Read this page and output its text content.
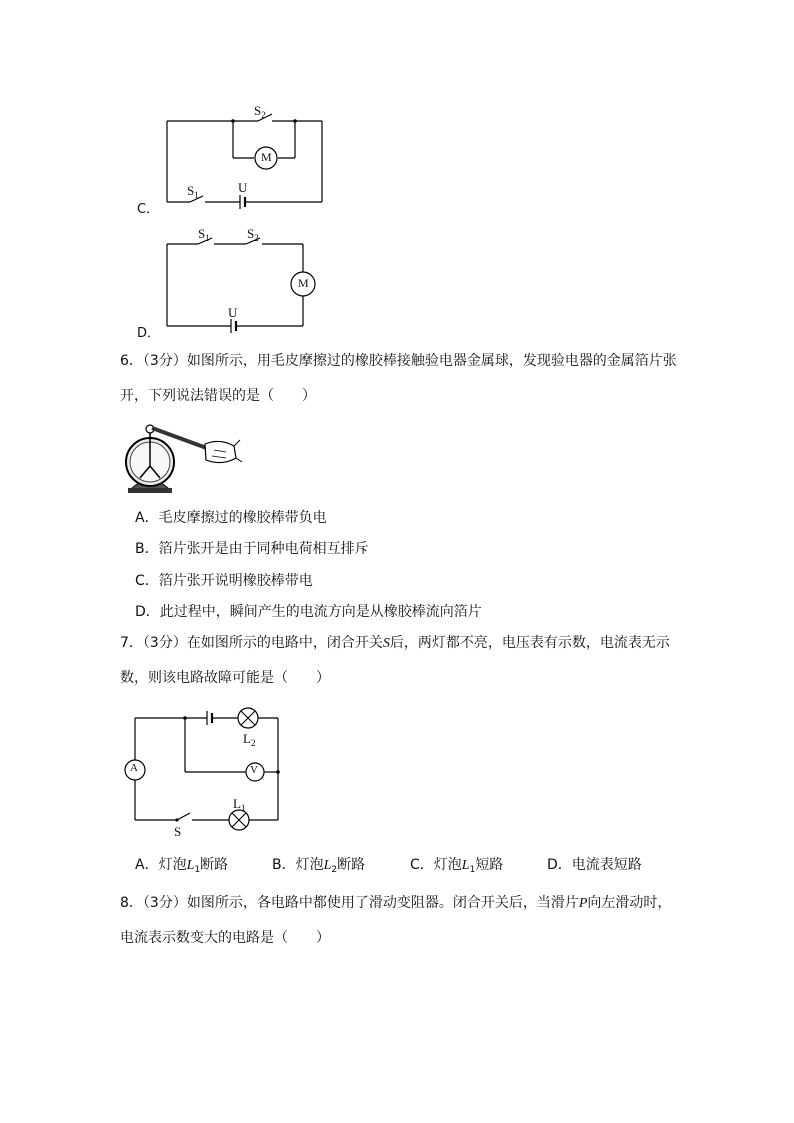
$S_2$
M
$S_1$	U
C．
$S_1$	$S_2$
M
U
D．
6．（3分）如图所示，用毛皮摩擦过的橡胶棒接触验电器金属球，发现验电器的金属箔片张
开，下列说法错误的是（　　）
A．毛皮摩擦过的橡胶棒带负电
B．箔片张开是由于同种电荷相互排斥
C．箔片张开说明橡胶棒带电
D．此过程中，瞬间产生的电流方向是从橡胶棒流向箔片
7．（3分）在如图所示的电路中，闭合开关S后，两灯都不亮，电压表有示数，电流表无示
数，则该电路故障可能是（　　）
A	V
$L_2$
$L_1$
S
A．灯泡$L_1$断路	B．灯泡$L_2$断路	C．灯泡$L_1$短路	D．电流表短路
8．（3分）如图所示，各电路中都使用了滑动变阻器。闭合开关后，当滑片P向左滑动时，
电流表示数变大的电路是（　　）
